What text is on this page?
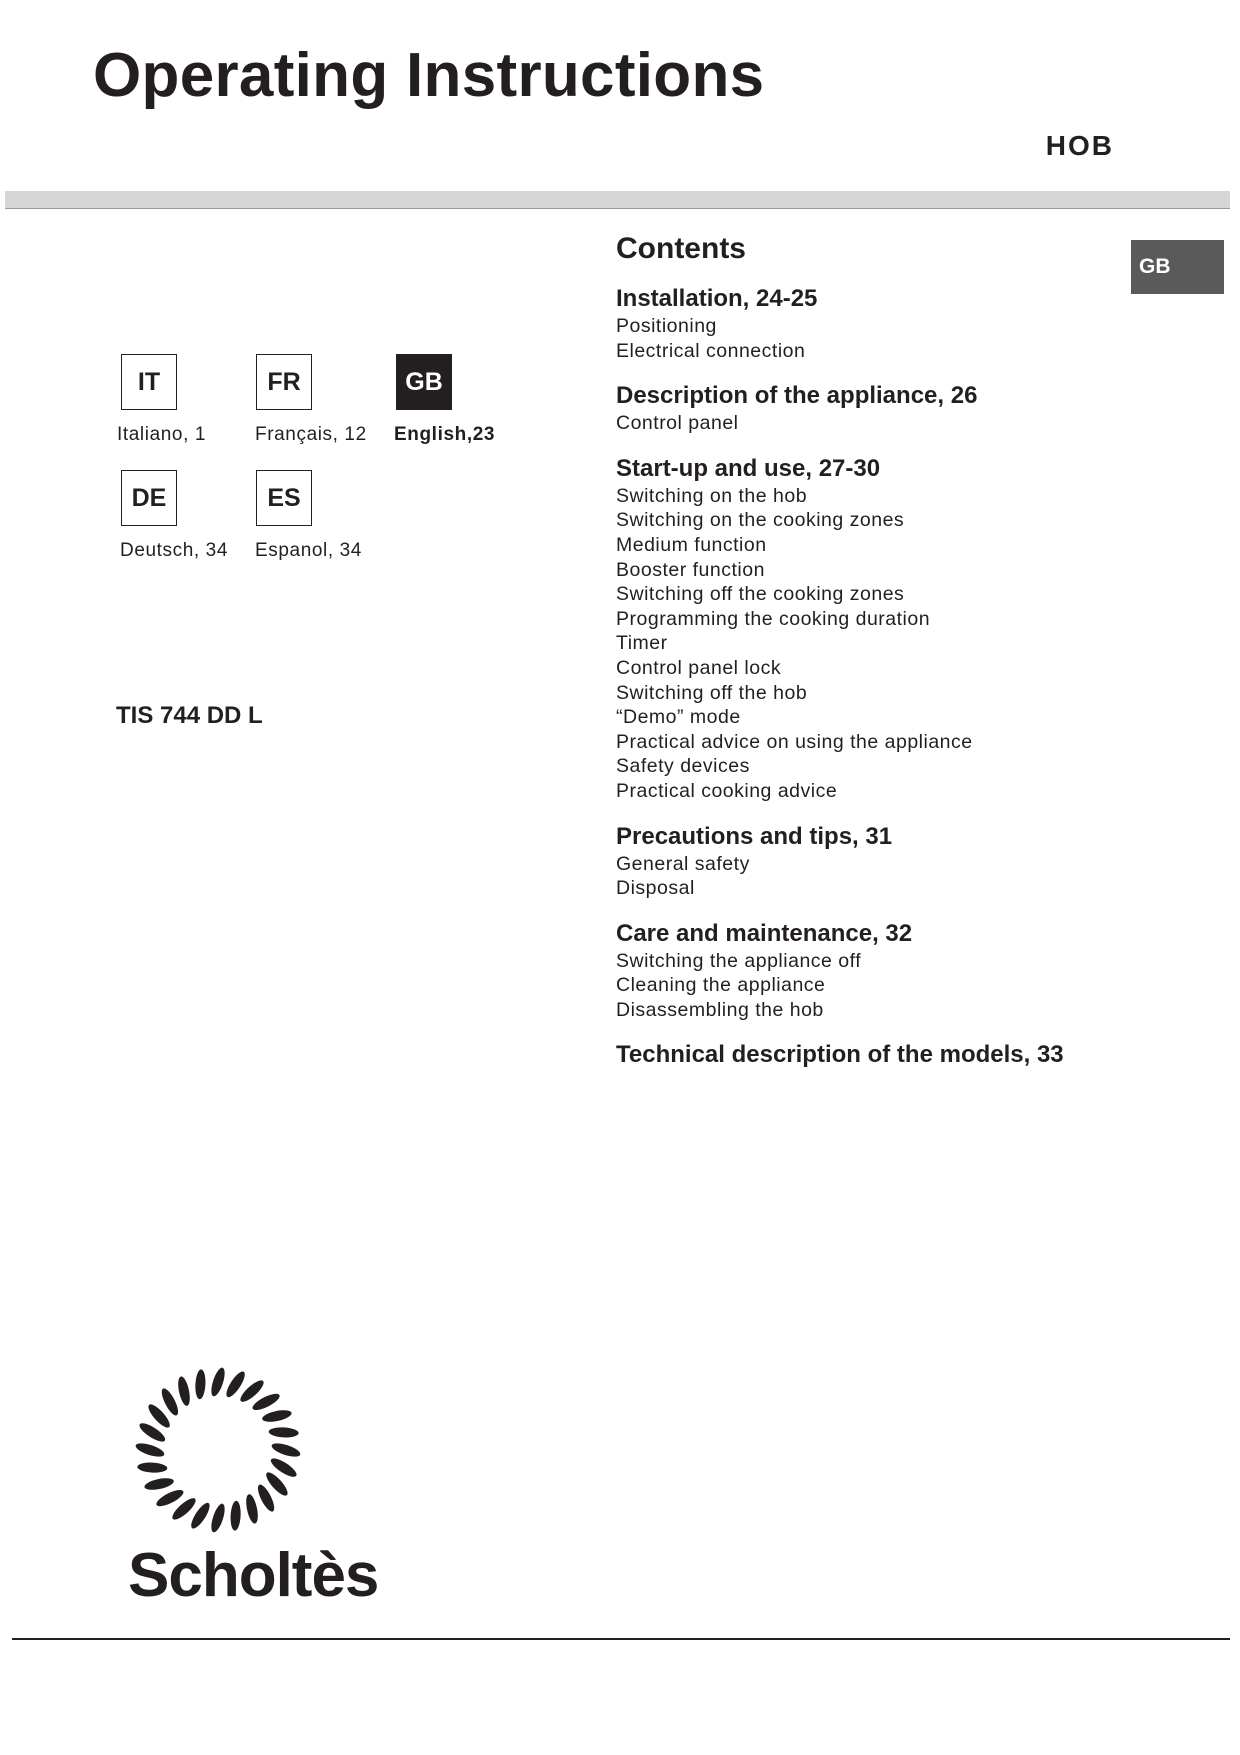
Operating Instructions
HOB
IT
Italiano, 1
FR
Français, 12
GB
English,23
DE
Deutsch, 34
ES
Espanol, 34
TIS 744 DD L
GB
Contents
Installation, 24-25
Positioning
Electrical connection
Description of the appliance, 26
Control panel
Start-up and use, 27-30
Switching on the hob
Switching on the cooking zones
Medium function
Booster function
Switching off the cooking zones
Programming the cooking duration
Timer
Control panel lock
Switching off the hob
“Demo” mode
Practical advice on using the appliance
Safety devices
Practical cooking advice
Precautions and tips, 31
General safety
Disposal
Care and maintenance, 32
Switching the appliance off
Cleaning the appliance
Disassembling the hob
Technical description of the models, 33
Scholtès
